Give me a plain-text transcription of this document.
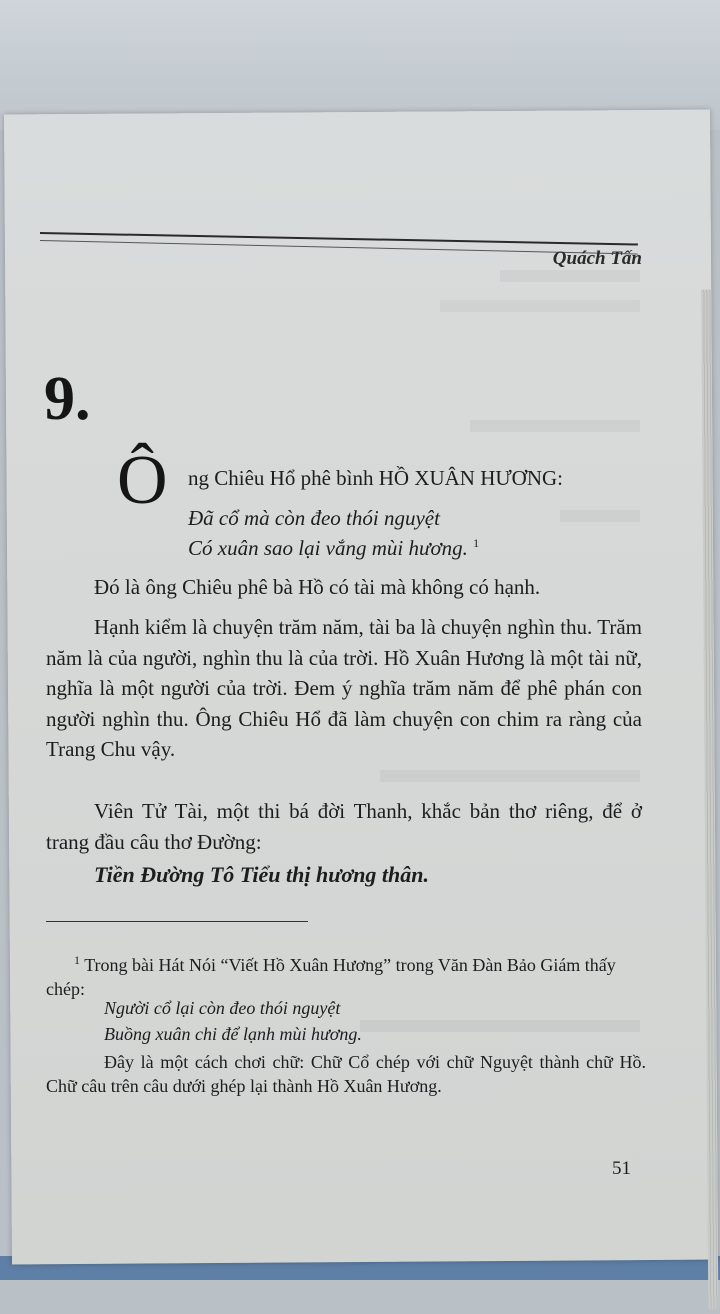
Quách Tấn
9.
Ô ng Chiêu Hổ phê bình HỒ XUÂN HƯƠNG:
Đã cổ mà còn đeo thói nguyệt
Có xuân sao lại vắng mùi hương. $^1$
Đó là ông Chiêu phê bà Hồ có tài mà không có hạnh.
Hạnh kiểm là chuyện trăm năm, tài ba là chuyện nghìn thu. Trăm năm là của người, nghìn thu là của trời. Hồ Xuân Hương là một tài nữ, nghĩa là một người của trời. Đem ý nghĩa trăm năm để phê phán con người nghìn thu. Ông Chiêu Hổ đã làm chuyện con chim ra ràng của Trang Chu vậy.
Viên Tử Tài, một thi bá đời Thanh, khắc bản thơ riêng, để ở trang đầu câu thơ Đường:
Tiền Đường Tô Tiểu thị hương thân.
$^1$ Trong bài Hát Nói “Viết Hồ Xuân Hương” trong Văn Đàn Bảo Giám thấy chép:
Người cổ lại còn đeo thói nguyệt
Buồng xuân chi để lạnh mùi hương.
Đây là một cách chơi chữ: Chữ Cổ chép với chữ Nguyệt thành chữ Hồ. Chữ câu trên câu dưới ghép lại thành Hồ Xuân Hương.
51
